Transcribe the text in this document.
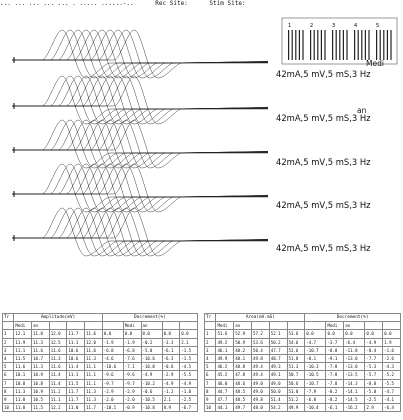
... ... ... ... ... . ..... ......-..	Rec Site:	Stim Site:
1	2	3	4	5
Medi
an
42mA,5 mV,5 mS,3 Hz
42mA,5 mV,5 mS,3 Hz
42mA,5 mV,5 mS,3 Hz
42mA,5 mV,5 mS,3 Hz
42mA,5 mV,5 mS,3 Hz
Tr	Amplitude(mV)					Decrement(%)				
	Medi	an					Medi	an		
1	12.1	11.0	12.0	11.7	11.6	0.0	0.0	0.0	0.0	0.0
2	11.9	11.3	12.5	11.1	12.0	-1.9	-1.9	-0.2	-3.3	2.1
3	11.1	11.6	11.6	10.6	11.6	-6.8	-6.8	-5.0	-6.1	-1.5
4	11.5	10.7	11.3	10.6	11.3	-4.6	-7.6	-10.6	-6.3	-1.5
5	11.6	11.3	11.6	11.4	11.1	-10.6	-7.1	-10.0	-0.8	-4.5
6	10.1	10.9	11.4	11.1	11.1	-9.6	-9.6	-4.9	-2.9	-5.5
7	10.8	10.8	11.4	11.5	11.1	-9.7	-9.7	-10.2	-4.9	-4.9
8	11.3	10.9	11.2	11.7	11.3	-2.9	-2.9	-0.6	-1.2	-1.8
9	11.8	10.5	11.1	11.7	11.3	-2.0	-2.0	-10.5	2.1	-2.5
10	11.8	11.5	12.2	11.0	11.7	-10.1	-0.9	-10.8	8.9	-6.7
Tr	Area(mV.mS)					Decrement(%)				
	Medi	an					Medi	an		
1	51.6	52.9	57.2	52.1	53.6	0.0	0.0	0.0	0.0	0.0
2	49.2	50.9	53.6	50.2	54.6	-4.7	-3.7	-6.4	-4.9	1.9
3	46.1	48.2	50.4	47.7	52.6	-10.7	-8.8	-11.8	-8.4	-1.6
4	49.9	48.1	49.8	48.7	51.8	-8.1	-9.1	-13.0	-7.7	-2.6
5	46.2	48.8	49.4	49.3	51.3	-10.3	-7.8	-13.0	-5.3	-4.3
6	45.2	47.8	49.4	49.1	50.7	-10.5	-7.8	-13.5	-5.7	-5.2
7	46.0	48.6	49.0	49.0	50.6	-10.7	-7.8	-14.3	-8.8	-5.5
8	44.7	48.5	49.0	50.0	51.0	-7.9	-8.2	-14.1	-5.0	-4.7
9	47.7	48.5	49.8	51.4	51.2	-6.8	-8.2	-14.5	-2.5	-4.1
10	44.1	49.7	48.0	54.2	49.9	-10.4	-6.1	-16.2	2.9	-6.4
